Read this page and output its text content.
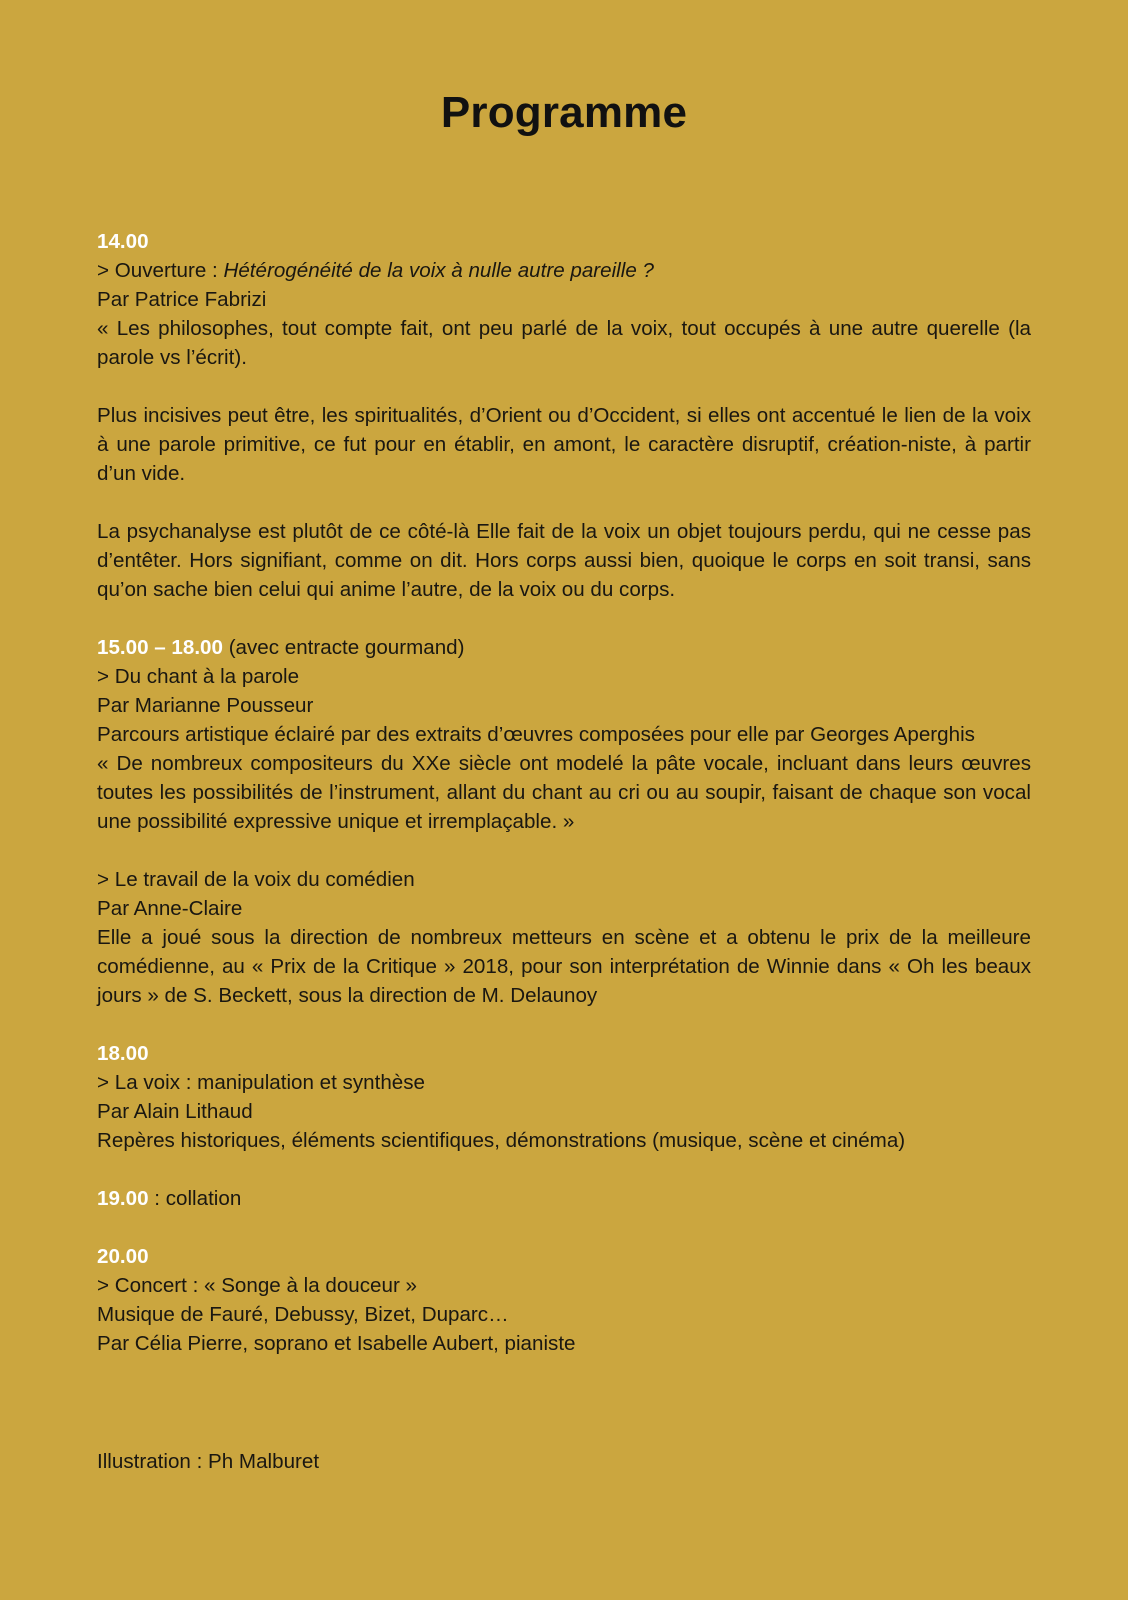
Programme

14.00

> Ouverture : Hétérogénéité de la voix à nulle autre pareille ?

Par Patrice Fabrizi

« Les philosophes, tout compte fait, ont peu parlé de la voix, tout occupés à une autre querelle (la parole vs l’écrit).

Plus incisives peut être, les spiritualités, d’Orient ou d’Occident, si elles ont accentué le lien de la voix à une parole primitive, ce fut pour en établir, en amont, le caractère disruptif, création-niste, à partir d’un vide.

La psychanalyse est plutôt de ce côté-là Elle fait de la voix un objet toujours perdu, qui ne cesse pas d’entêter. Hors signifiant, comme on dit. Hors corps aussi bien, quoique le corps en soit transi, sans qu’on sache bien celui qui anime l’autre, de la voix ou du corps.

15.00 – 18.00 (avec entracte gourmand)

> Du chant à la parole

Par Marianne Pousseur

Parcours artistique éclairé par des extraits d’œuvres composées pour elle par Georges Aperghis

« De nombreux compositeurs du XXe siècle ont modelé la pâte vocale, incluant dans leurs œuvres toutes les possibilités de l’instrument, allant du chant au cri ou au soupir, faisant de chaque son vocal une possibilité expressive unique et irremplaçable. »

> Le travail de la voix du comédien

Par Anne-Claire

Elle a joué sous la direction de nombreux metteurs en scène et a obtenu le prix de la meilleure comédienne, au « Prix de la Critique » 2018, pour son interprétation de Winnie dans « Oh les beaux jours » de S. Beckett, sous la direction de M. Delaunoy

18.00

> La voix : manipulation et synthèse

Par Alain Lithaud

Repères historiques, éléments scientifiques, démonstrations (musique, scène et cinéma)

19.00 : collation

20.00

> Concert : « Songe à la douceur »

Musique de Fauré, Debussy, Bizet, Duparc…

Par Célia Pierre, soprano et Isabelle Aubert, pianiste

Illustration : Ph Malburet
